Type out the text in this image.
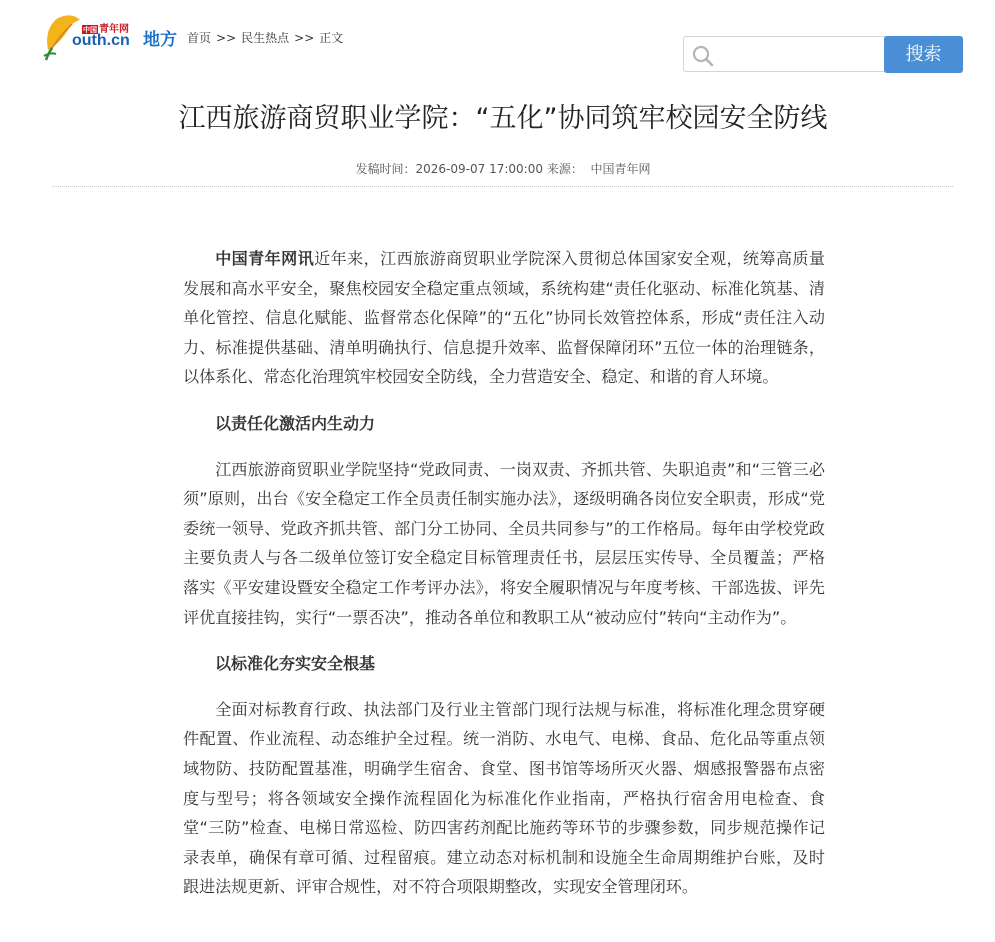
中国 青年网
outh.cn 地方 首页 >> 民生热点 >> 正文
搜索
江西旅游商贸职业学院：“五化”协同筑牢校园安全防线
发稿时间：2026-09-07 17:00:00 来源： 中国青年网

中国青年网讯近年来，江西旅游商贸职业学院深入贯彻总体国家安全观，统筹高质量发展和高水平安全，聚焦校园安全稳定重点领域，系统构建“责任化驱动、标准化筑基、清单化管控、信息化赋能、监督常态化保障”的“五化”协同长效管控体系，形成“责任注入动力、标准提供基础、清单明确执行、信息提升效率、监督保障闭环”五位一体的治理链条，以体系化、常态化治理筑牢校园安全防线，全力营造安全、稳定、和谐的育人环境。

以责任化激活内生动力

江西旅游商贸职业学院坚持“党政同责、一岗双责、齐抓共管、失职追责”和“三管三必须”原则，出台《安全稳定工作全员责任制实施办法》，逐级明确各岗位安全职责，形成“党委统一领导、党政齐抓共管、部门分工协同、全员共同参与”的工作格局。每年由学校党政主要负责人与各二级单位签订安全稳定目标管理责任书，层层压实传导、全员覆盖；严格落实《平安建设暨安全稳定工作考评办法》，将安全履职情况与年度考核、干部选拔、评先评优直接挂钩，实行“一票否决”，推动各单位和教职工从“被动应付”转向“主动作为”。

以标准化夯实安全根基

全面对标教育行政、执法部门及行业主管部门现行法规与标准，将标准化理念贯穿硬件配置、作业流程、动态维护全过程。统一消防、水电气、电梯、食品、危化品等重点领域物防、技防配置基准，明确学生宿舍、食堂、图书馆等场所灭火器、烟感报警器布点密度与型号；将各领域安全操作流程固化为标准化作业指南，严格执行宿舍用电检查、食堂“三防”检查、电梯日常巡检、防四害药剂配比施药等环节的步骤参数，同步规范操作记录表单，确保有章可循、过程留痕。建立动态对标机制和设施全生命周期维护台账，及时跟进法规更新、评审合规性，对不符合项限期整改，实现安全管理闭环。
